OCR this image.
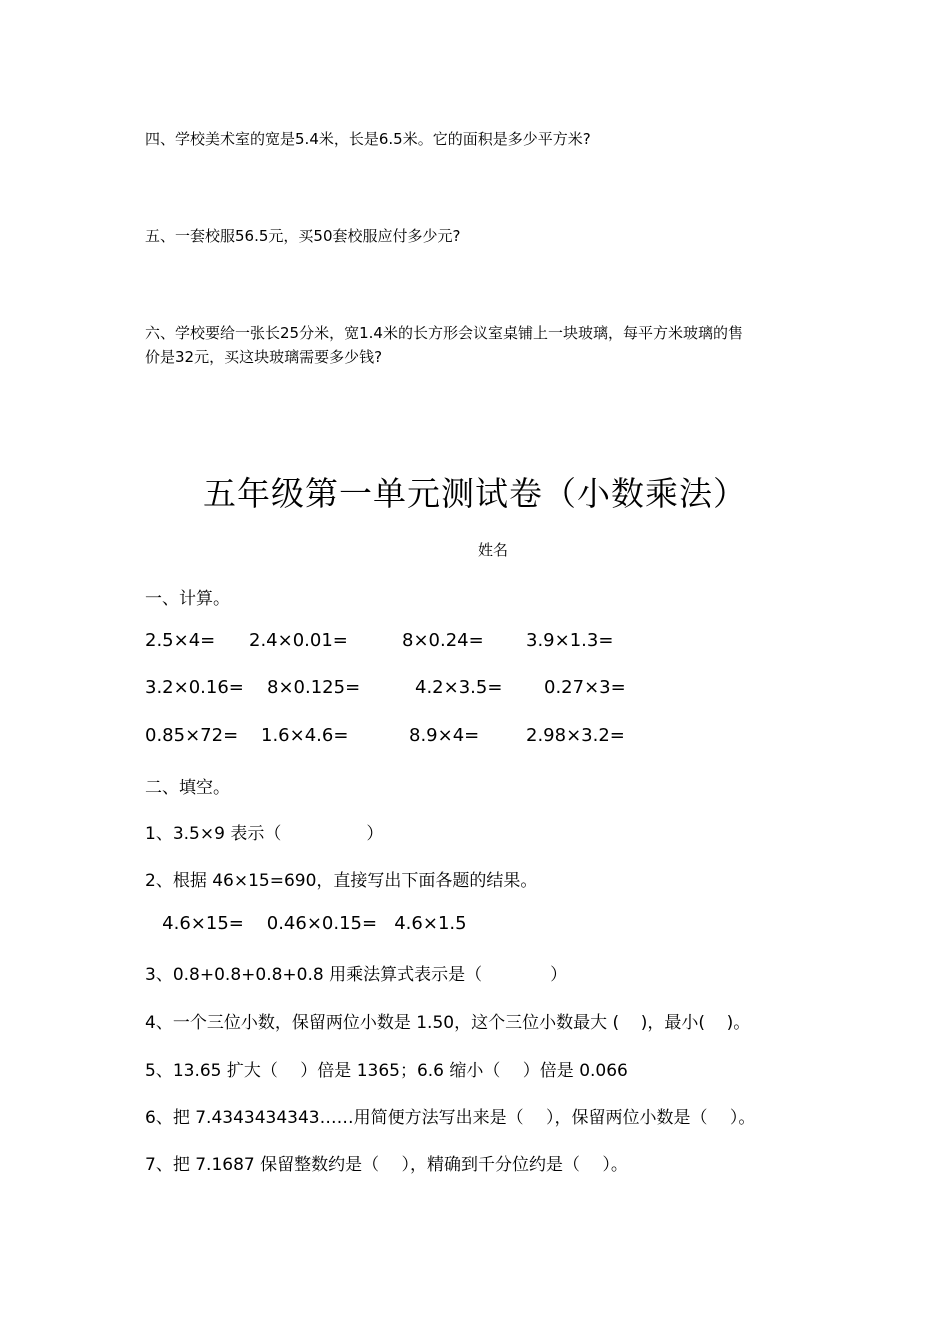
四、学校美术室的宽是5.4米，长是6.5米。它的面积是多少平方米?
五、一套校服56.5元，买50套校服应付多少元?
六、学校要给一张长25分米，宽1.4米的长方形会议室桌铺上一块玻璃，每平方米玻璃的售
价是32元，买这块玻璃需要多少钱?
五年级第一单元测试卷（小数乘法）
姓名
一、计算。
2.5×4= 2.4×0.01=	8×0.24= 3.9×1.3=
3.2×0.16= 8×0.125=	4.2×3.5= 0.27×3=
0.85×72= 1.6×4.6=	8.9×4=	2.98×3.2=
二、填空。
1、3.5×9 表示（　　　　　）
2、根据 46×15=690，直接写出下面各题的结果。
4.6×15=    0.46×0.15=   4.6×1.5
3、0.8+0.8+0.8+0.8 用乘法算式表示是（　　　　）
4、一个三位小数，保留两位小数是 1.50，这个三位小数最大 (    )，最小(    )。
5、13.65 扩大（　 ）倍是 1365；6.6 缩小（　 ）倍是 0.066
6、把 7.4343434343……用简便方法写出来是（　 ），保留两位小数是（　 ）。
7、把 7.1687 保留整数约是（　 ），精确到千分位约是（　 ）。
